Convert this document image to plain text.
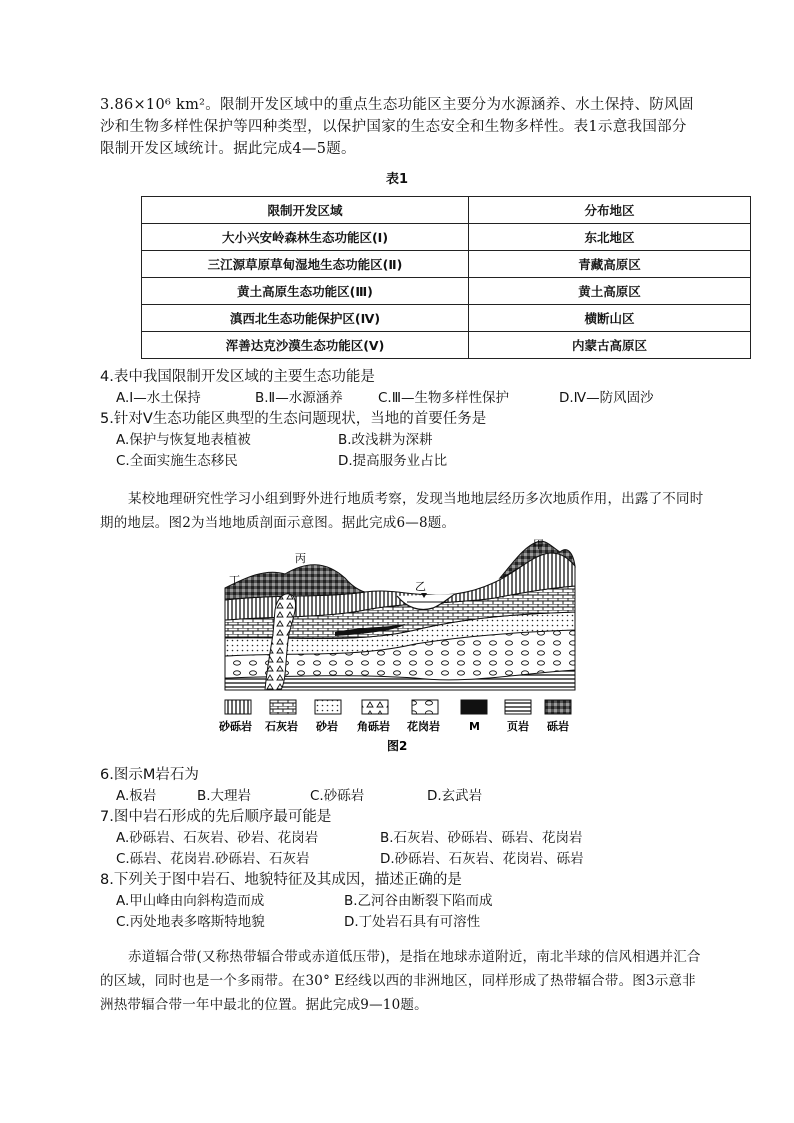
3.86×10⁶ km²。限制开发区域中的重点生态功能区主要分为水源涵养、水土保持、防风固沙和生物多样性保护等四种类型，以保护国家的生态安全和生物多样性。表1示意我国部分限制开发区域统计。据此完成4—5题。
表1
限制开发区域	分布地区
大小兴安岭森林生态功能区(Ⅰ)	东北地区
三江源草原草甸湿地生态功能区(Ⅱ)	青藏高原区
黄土高原生态功能区(Ⅲ)	黄土高原区
滇西北生态功能保护区(Ⅳ)	横断山区
浑善达克沙漠生态功能区(Ⅴ)	内蒙古高原区
4.表中我国限制开发区域的主要生态功能是
A.Ⅰ—水土保持	B.Ⅱ—水源涵养	C.Ⅲ—生物多样性保护	D.Ⅳ—防风固沙
5.针对Ⅴ生态功能区典型的生态问题现状，当地的首要任务是
A.保护与恢复地表植被	B.改浅耕为深耕
C.全面实施生态移民	D.提高服务业占比
某校地理研究性学习小组到野外进行地质考察，发现当地地层经历多次地质作用，出露了不同时期的地层。图2为当地地质剖面示意图。据此完成6—8题。
甲
乙
丙
丁
砂砾岩 石灰岩 砂岩 角砾岩 花岗岩	M 页岩 砾岩
图2
6.图示M岩石为
A.板岩	B.大理岩	C.砂砾岩	D.玄武岩
7.图中岩石形成的先后顺序最可能是
A.砂砾岩、石灰岩、砂岩、花岗岩	B.石灰岩、砂砾岩、砾岩、花岗岩
C.砾岩、花岗岩.砂砾岩、石灰岩	D.砂砾岩、石灰岩、花岗岩、砾岩
8.下列关于图中岩石、地貌特征及其成因，描述正确的是
A.甲山峰由向斜构造而成	B.乙河谷由断裂下陷而成
C.丙处地表多喀斯特地貌	D.丁处岩石具有可溶性
赤道辐合带(又称热带辐合带或赤道低压带)，是指在地球赤道附近，南北半球的信风相遇并汇合的区域，同时也是一个多雨带。在30° E经线以西的非洲地区，同样形成了热带辐合带。图3示意非洲热带辐合带一年中最北的位置。据此完成9—10题。
